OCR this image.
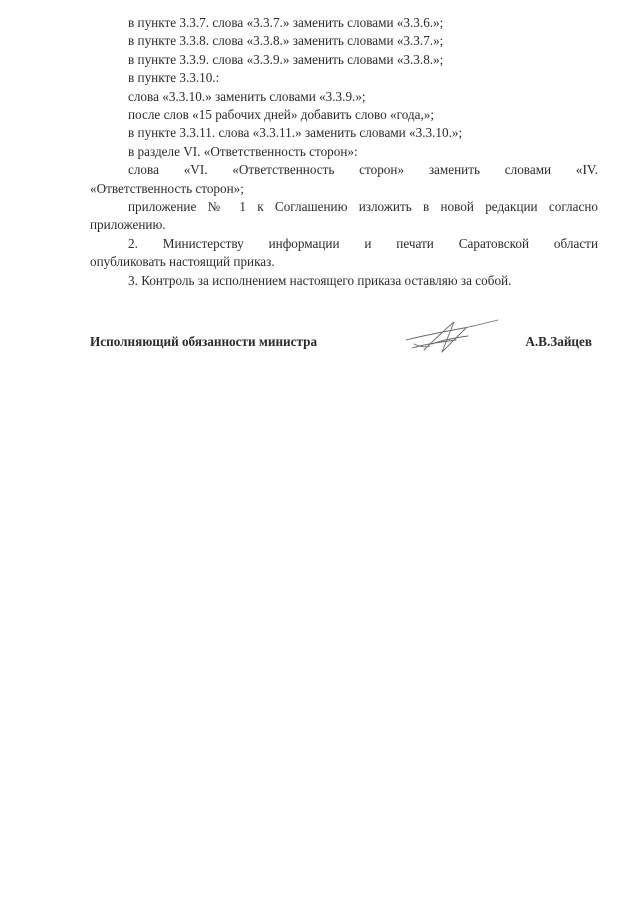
в пункте 3.3.7. слова «3.3.7.» заменить словами «3.3.6.»;

в пункте 3.3.8. слова «3.3.8.» заменить словами «3.3.7.»;

в пункте 3.3.9. слова «3.3.9.» заменить словами «3.3.8.»;

в пункте 3.3.10.:

слова «3.3.10.» заменить словами «3.3.9.»;

после слов «15 рабочих дней» добавить слово «года,»;

в пункте 3.3.11. слова «3.3.11.» заменить словами «3.3.10.»;

в разделе VI. «Ответственность сторон»:

слова «VI. «Ответственность сторон» заменить словами «IV.

«Ответственность сторон»;

приложение № 1 к Соглашению изложить в новой редакции согласно

приложению.

2. Министерству информации и печати Саратовской области

опубликовать настоящий приказ.

3. Контроль за исполнением настоящего приказа оставляю за собой.

Исполняющий обязанности министра	А.В.Зайцев
